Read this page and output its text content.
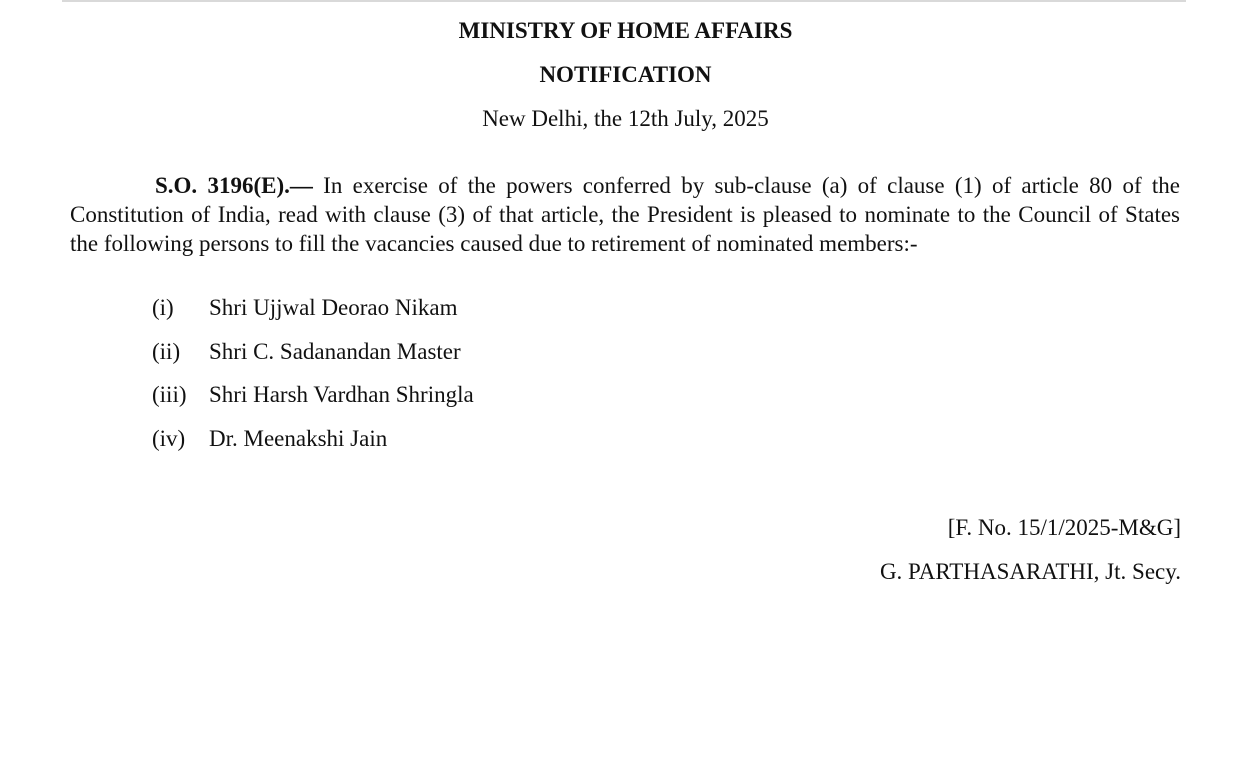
MINISTRY OF HOME AFFAIRS
NOTIFICATION
New Delhi, the 12th July, 2025

S.O. 3196(E).— In exercise of the powers conferred by sub-clause (a) of clause (1) of article 80 of the Constitution of India, read with clause (3) of that article, the President is pleased to nominate to the Council of States the following persons to fill the vacancies caused due to retirement of nominated members:-

(i) Shri Ujjwal Deorao Nikam
(ii) Shri C. Sadanandan Master
(iii) Shri Harsh Vardhan Shringla
(iv) Dr. Meenakshi Jain
[F. No. 15/1/2025-M&G]
G. PARTHASARATHI, Jt. Secy.
